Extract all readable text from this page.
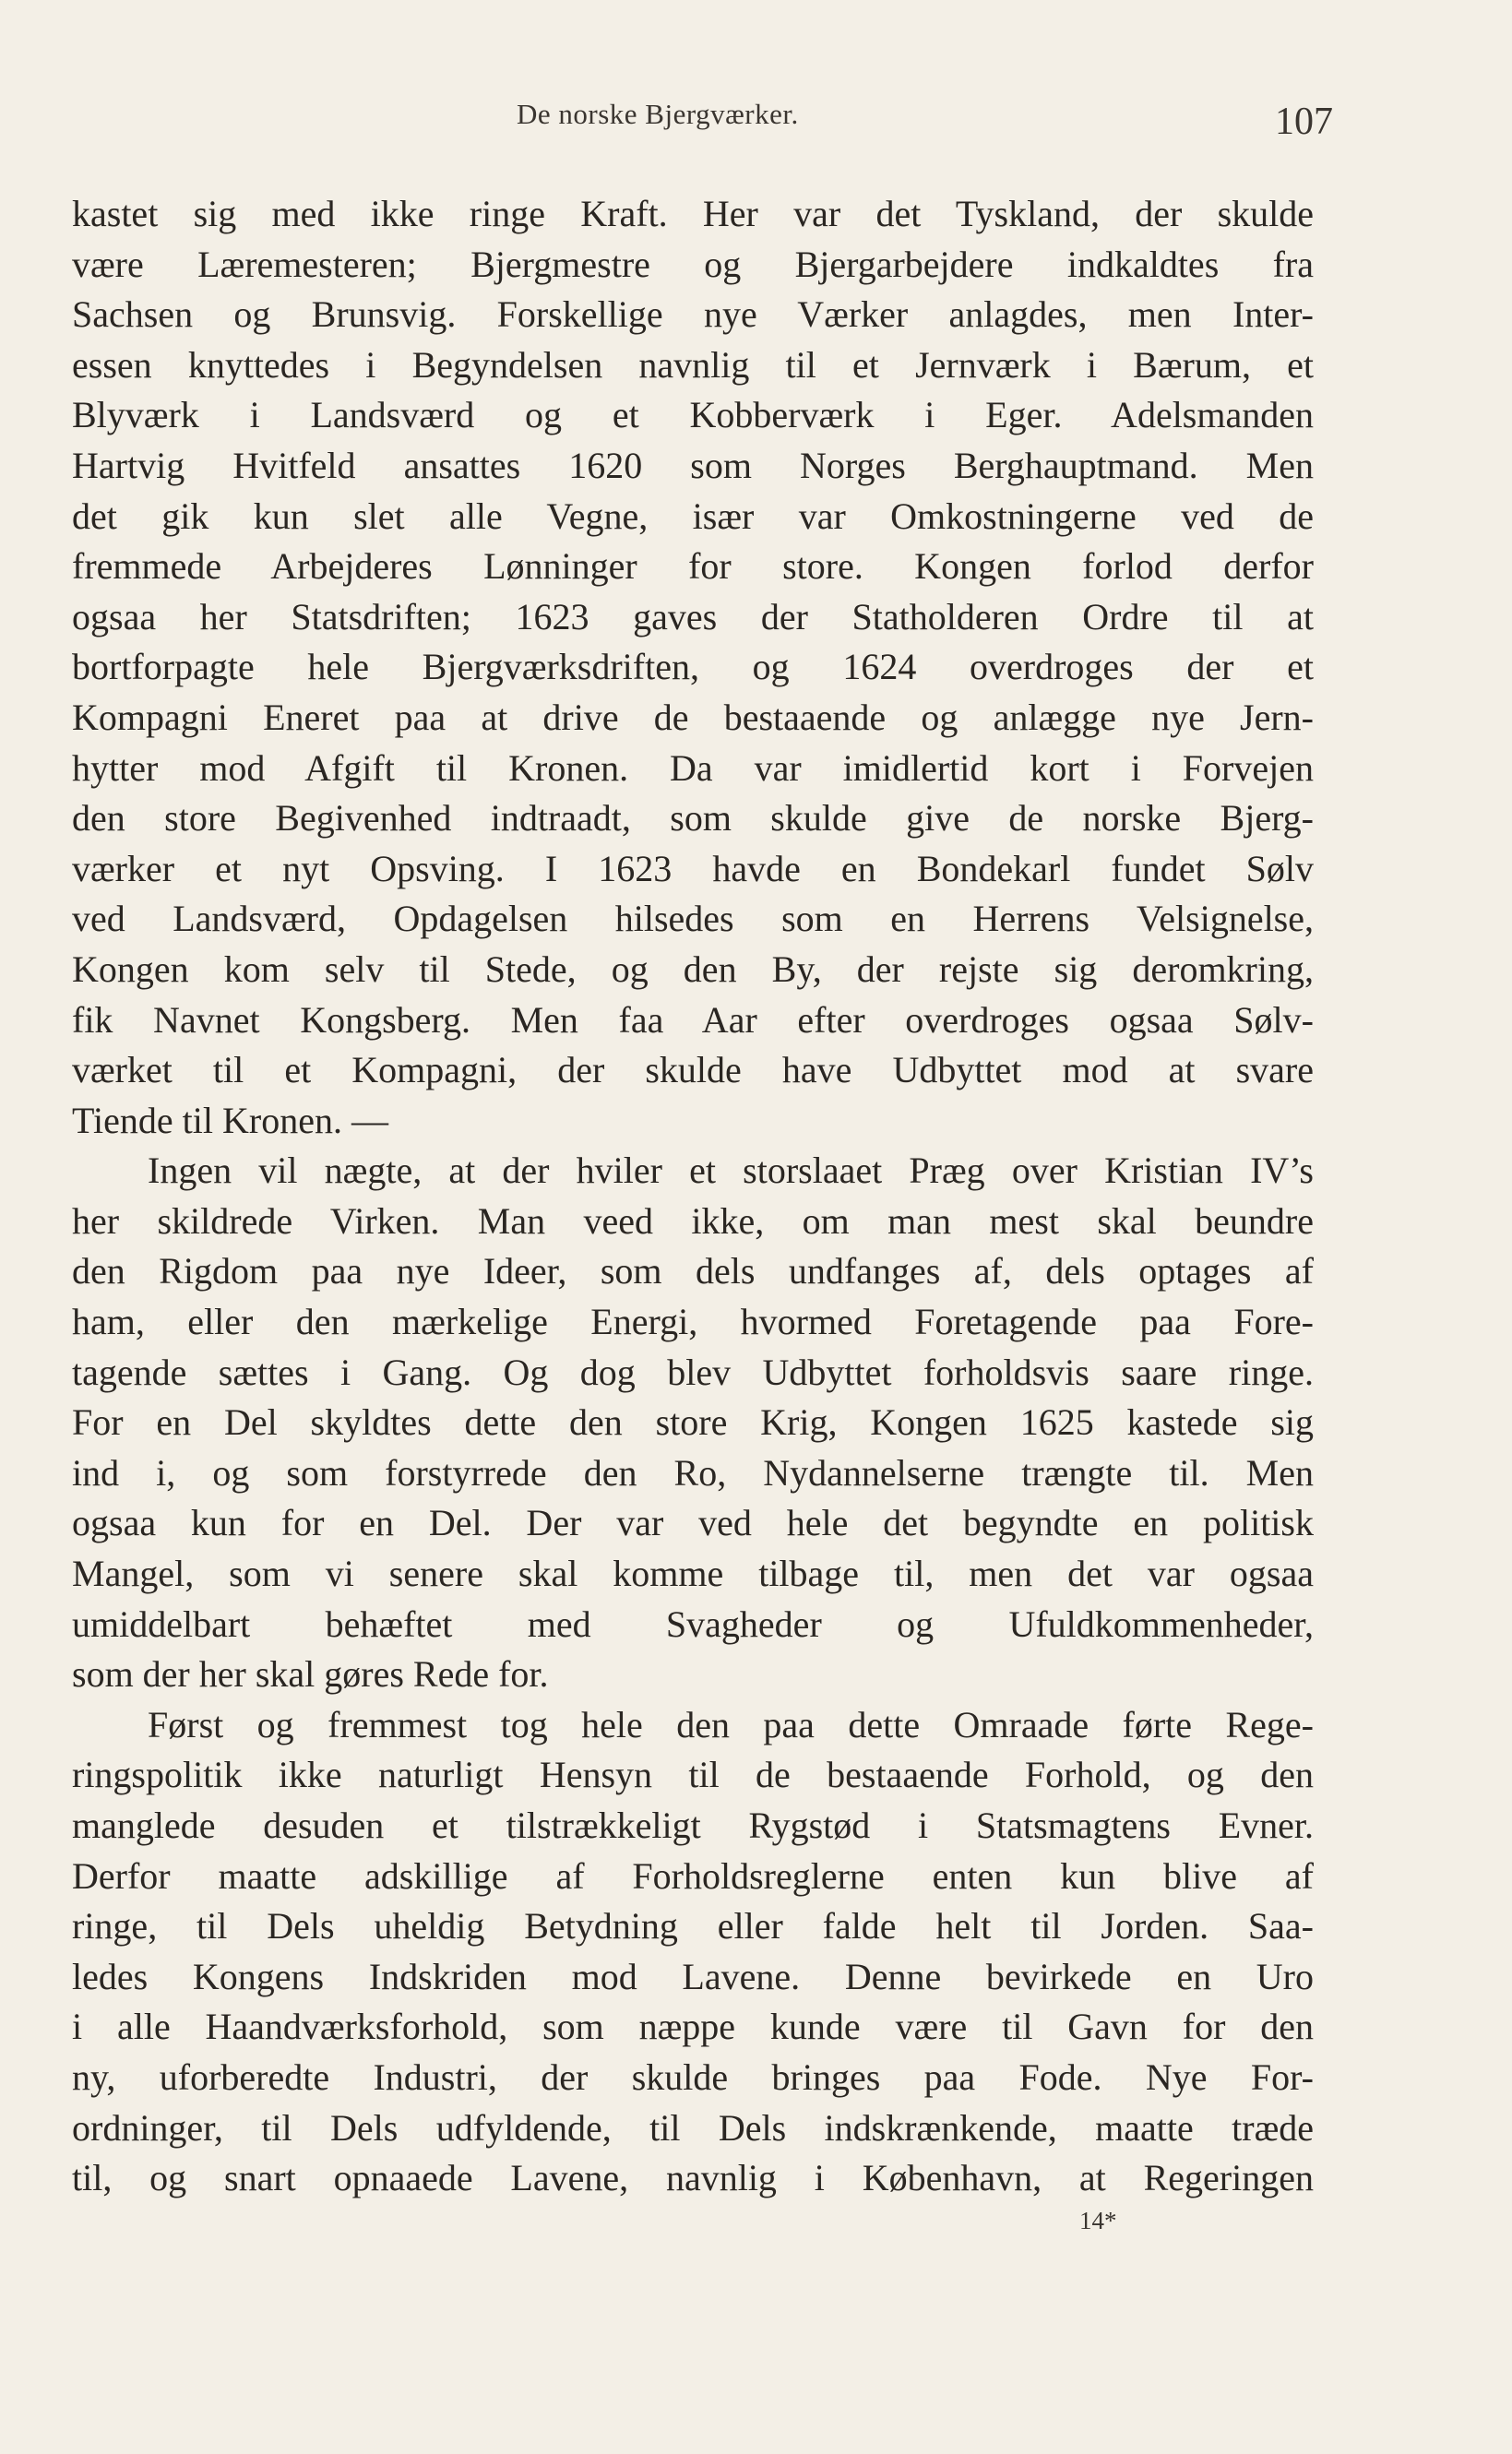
De norske Bjergværker.	107
kastet sig med ikke ringe Kraft. Her var det Tyskland, der skulde
være Læremesteren; Bjergmestre og Bjergarbejdere indkaldtes fra
Sachsen og Brunsvig. Forskellige nye Værker anlagdes, men Inter-
essen knyttedes i Begyndelsen navnlig til et Jernværk i Bærum, et
Blyværk i Landsværd og et Kobberværk i Eger. Adelsmanden
Hartvig Hvitfeld ansattes 1620 som Norges Berghauptmand. Men
det gik kun slet alle Vegne, især var Omkostningerne ved de
fremmede Arbejderes Lønninger for store. Kongen forlod derfor
ogsaa her Statsdriften; 1623 gaves der Statholderen Ordre til at
bortforpagte hele Bjergværksdriften, og 1624 overdroges der et
Kompagni Eneret paa at drive de bestaaende og anlægge nye Jern-
hytter mod Afgift til Kronen. Da var imidlertid kort i Forvejen
den store Begivenhed indtraadt, som skulde give de norske Bjerg-
værker et nyt Opsving. I 1623 havde en Bondekarl fundet Sølv
ved Landsværd, Opdagelsen hilsedes som en Herrens Velsignelse,
Kongen kom selv til Stede, og den By, der rejste sig deromkring,
fik Navnet Kongsberg. Men faa Aar efter overdroges ogsaa Sølv-
værket til et Kompagni, der skulde have Udbyttet mod at svare
Tiende til Kronen. —
Ingen vil nægte, at der hviler et storslaaet Præg over Kristian IV’s
her skildrede Virken. Man veed ikke, om man mest skal beundre
den Rigdom paa nye Ideer, som dels undfanges af, dels optages af
ham, eller den mærkelige Energi, hvormed Foretagende paa Fore-
tagende sættes i Gang. Og dog blev Udbyttet forholdsvis saare ringe.
For en Del skyldtes dette den store Krig, Kongen 1625 kastede sig
ind i, og som forstyrrede den Ro, Nydannelserne trængte til. Men
ogsaa kun for en Del. Der var ved hele det begyndte en politisk
Mangel, som vi senere skal komme tilbage til, men det var ogsaa
umiddelbart behæftet med Svagheder og Ufuldkommenheder,
som der her skal gøres Rede for.
Først og fremmest tog hele den paa dette Omraade førte Rege-
ringspolitik ikke naturligt Hensyn til de bestaaende Forhold, og den
manglede desuden et tilstrækkeligt Rygstød i Statsmagtens Evner.
Derfor maatte adskillige af Forholdsreglerne enten kun blive af
ringe, til Dels uheldig Betydning eller falde helt til Jorden. Saa-
ledes Kongens Indskriden mod Lavene. Denne bevirkede en Uro
i alle Haandværksforhold, som næppe kunde være til Gavn for den
ny, uforberedte Industri, der skulde bringes paa Fode. Nye For-
ordninger, til Dels udfyldende, til Dels indskrænkende, maatte træde
til, og snart opnaaede Lavene, navnlig i København, at Regeringen
14*
